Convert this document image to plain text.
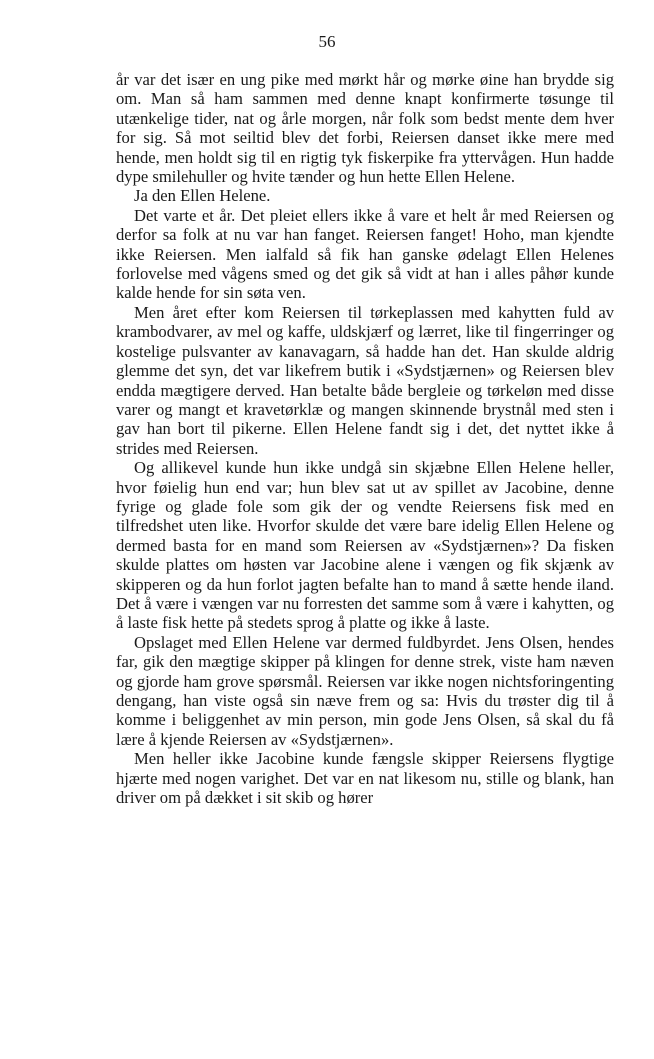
56

år var det især en ung pike med mørkt hår og mørke øine han brydde sig om. Man så ham sammen med denne knapt konfirmerte tøsunge til utænkelige tider, nat og årle morgen, når folk som bedst mente dem hver for sig. Så mot seiltid blev det forbi, Reiersen danset ikke mere med hende, men holdt sig til en rigtig tyk fiskerpike fra yttervågen. Hun hadde dype smilehuller og hvite tænder og hun hette Ellen Helene.

Ja den Ellen Helene.

Det varte et år. Det pleiet ellers ikke å vare et helt år med Reiersen og derfor sa folk at nu var han fanget. Reiersen fanget! Hoho, man kjendte ikke Reiersen. Men ialfald så fik han ganske ødelagt Ellen Helenes forlovelse med vågens smed og det gik så vidt at han i alles påhør kunde kalde hende for sin søta ven.

Men året efter kom Reiersen til tørkeplassen med kahytten fuld av krambodvarer, av mel og kaffe, uldskjærf og lærret, like til fingerringer og kostelige pulsvanter av kanavagarn, så hadde han det. Han skulde aldrig glemme det syn, det var likefrem butik i «Sydstjærnen» og Reiersen blev endda mægtigere derved. Han betalte både bergleie og tørkeløn med disse varer og mangt et kravetørklæ og mangen skinnende brystnål med sten i gav han bort til pikerne. Ellen Helene fandt sig i det, det nyttet ikke å strides med Reiersen.

Og allikevel kunde hun ikke undgå sin skjæbne Ellen Helene heller, hvor føielig hun end var; hun blev sat ut av spillet av Jacobine, denne fyrige og glade fole som gik der og vendte Reiersens fisk med en tilfredshet uten like. Hvorfor skulde det være bare idelig Ellen Helene og dermed basta for en mand som Reiersen av «Sydstjærnen»? Da fisken skulde plattes om høsten var Jacobine alene i vængen og fik skjænk av skipperen og da hun forlot jagten befalte han to mand å sætte hende iland. Det å være i vængen var nu forresten det samme som å være i kahytten, og å laste fisk hette på stedets sprog å platte og ikke å laste.

Opslaget med Ellen Helene var dermed fuldbyrdet. Jens Olsen, hendes far, gik den mægtige skipper på klingen for denne strek, viste ham næven og gjorde ham grove spørsmål. Reiersen var ikke nogen nichtsforingenting dengang, han viste også sin næve frem og sa: Hvis du trøster dig til å komme i beliggenhet av min person, min gode Jens Olsen, så skal du få lære å kjende Reiersen av «Sydstjærnen».

Men heller ikke Jacobine kunde fængsle skipper Reiersens flygtige hjærte med nogen varighet. Det var en nat likesom nu, stille og blank, han driver om på dækket i sit skib og hører
